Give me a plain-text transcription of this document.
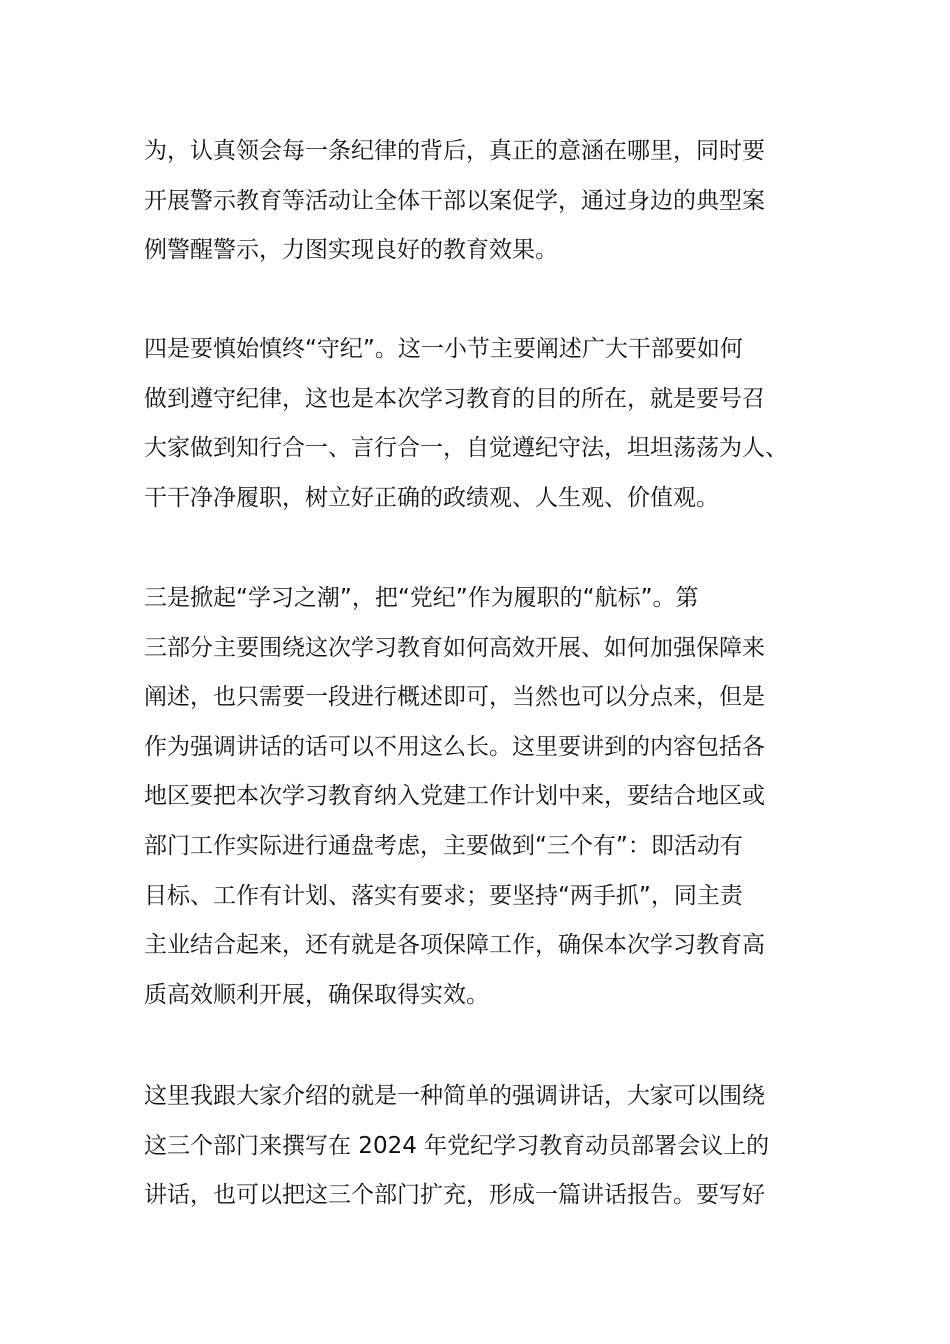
为，认真领会每一条纪律的背后，真正的意涵在哪里，同时要
开展警示教育等活动让全体干部以案促学，通过身边的典型案
例警醒警示，力图实现良好的教育效果。
四是要慎始慎终“守纪”。这一小节主要阐述广大干部要如何
做到遵守纪律，这也是本次学习教育的目的所在，就是要号召
大家做到知行合一、言行合一，自觉遵纪守法，坦坦荡荡为人、
干干净净履职，树立好正确的政绩观、人生观、价值观。
三是掀起“学习之潮”，把“党纪”作为履职的“航标”。第
三部分主要围绕这次学习教育如何高效开展、如何加强保障来
阐述，也只需要一段进行概述即可，当然也可以分点来，但是
作为强调讲话的话可以不用这么长。这里要讲到的内容包括各
地区要把本次学习教育纳入党建工作计划中来，要结合地区或
部门工作实际进行通盘考虑，主要做到“三个有”：即活动有
目标、工作有计划、落实有要求；要坚持“两手抓”，同主责
主业结合起来，还有就是各项保障工作，确保本次学习教育高
质高效顺利开展，确保取得实效。
这里我跟大家介绍的就是一种简单的强调讲话，大家可以围绕
这三个部门来撰写在 2024 年党纪学习教育动员部署会议上的
讲话，也可以把这三个部门扩充，形成一篇讲话报告。要写好
